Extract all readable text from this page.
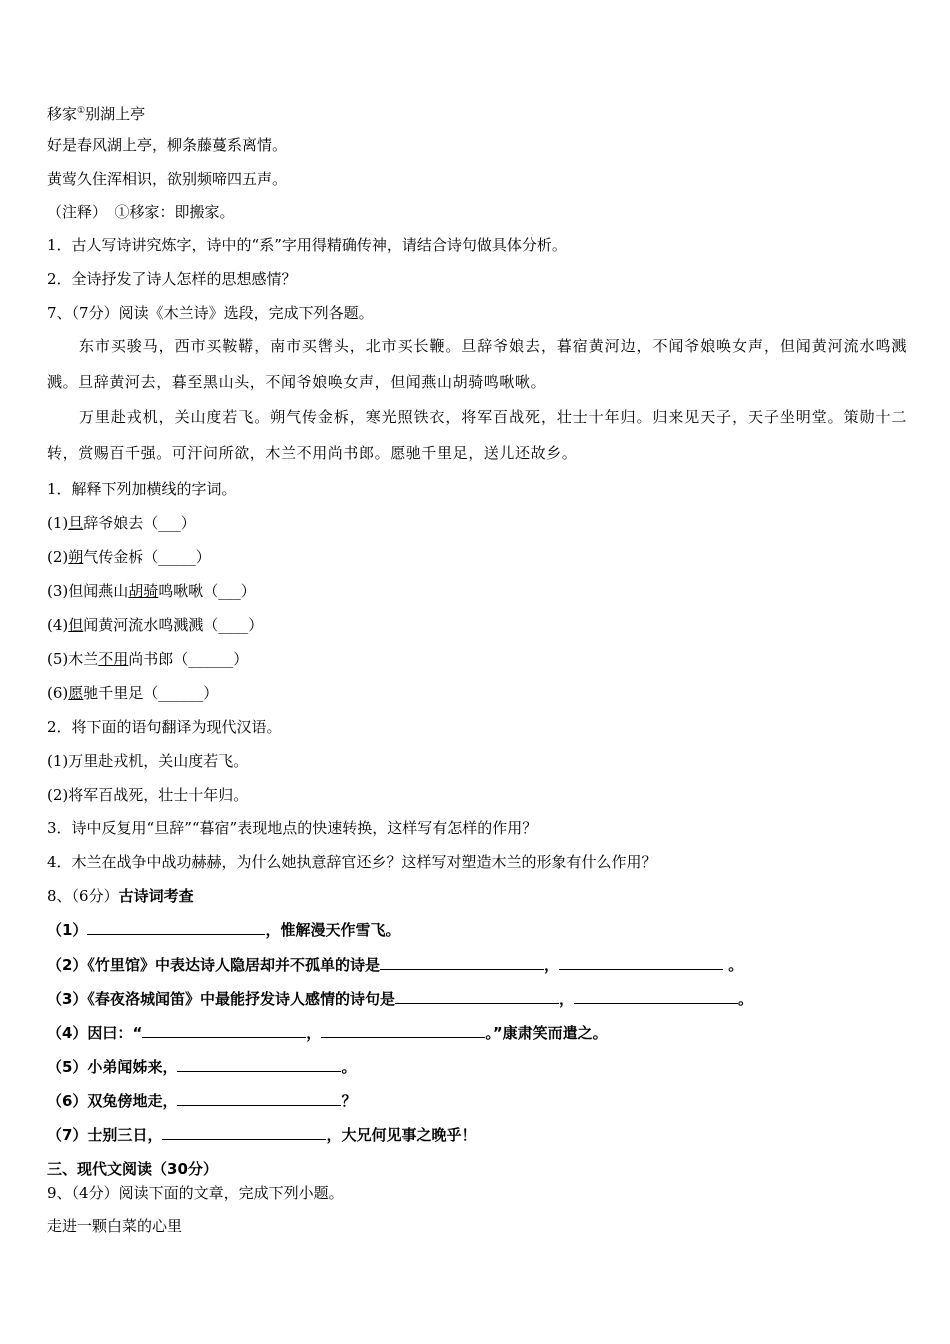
移家①别湖上亭
好是春风湖上亭，柳条藤蔓系离情。
黄莺久住浑相识，欲别频啼四五声。
（注释）　①移家：即搬家。
1．古人写诗讲究炼字，诗中的“系”字用得精确传神，请结合诗句做具体分析。
2．全诗抒发了诗人怎样的思想感情？
7、（7分）阅读《木兰诗》选段，完成下列各题。
东市买骏马，西市买鞍鞯，南市买辔头，北市买长鞭。旦辞爷娘去，暮宿黄河边，不闻爷娘唤女声，但闻黄河流水鸣溅溅。旦辞黄河去，暮至黑山头，不闻爷娘唤女声，但闻燕山胡骑鸣啾啾。
万里赴戎机，关山度若飞。朔气传金柝，寒光照铁衣，将军百战死，壮士十年归。归来见天子，天子坐明堂。策勋十二转，赏赐百千强。可汗问所欲，木兰不用尚书郎。愿驰千里足，送儿还故乡。
1．解释下列加横线的字词。
(1)旦辞爷娘去（___）
(2)朔气传金柝（_____）
(3)但闻燕山胡骑鸣啾啾（___）
(4)但闻黄河流水鸣溅溅（____）
(5)木兰不用尚书郎（______）
(6)愿驰千里足（______）
2．将下面的语句翻译为现代汉语。
(1)万里赴戎机，关山度若飞。
(2)将军百战死，壮士十年归。
3．诗中反复用“旦辞”“暮宿”表现地点的快速转换，这样写有怎样的作用？
4．木兰在战争中战功赫赫，为什么她执意辞官还乡？这样写对塑造木兰的形象有什么作用？
8、（6分）古诗词考查
（1）	，惟解漫天作雪飞。
（2）《竹里馆》中表达诗人隐居却并不孤单的诗是	，	。
（3）《春夜洛城闻笛》中最能抒发诗人感情的诗句是	，	。
（4）因曰：“	，	。”康肃笑而遣之。
（5）小弟闻姊来，	。
（6）双兔傍地走，	？
（7）士别三日，	，大兄何见事之晚乎！
三、现代文阅读（30分）
9、（4分）阅读下面的文章，完成下列小题。
走进一颗白菜的心里
